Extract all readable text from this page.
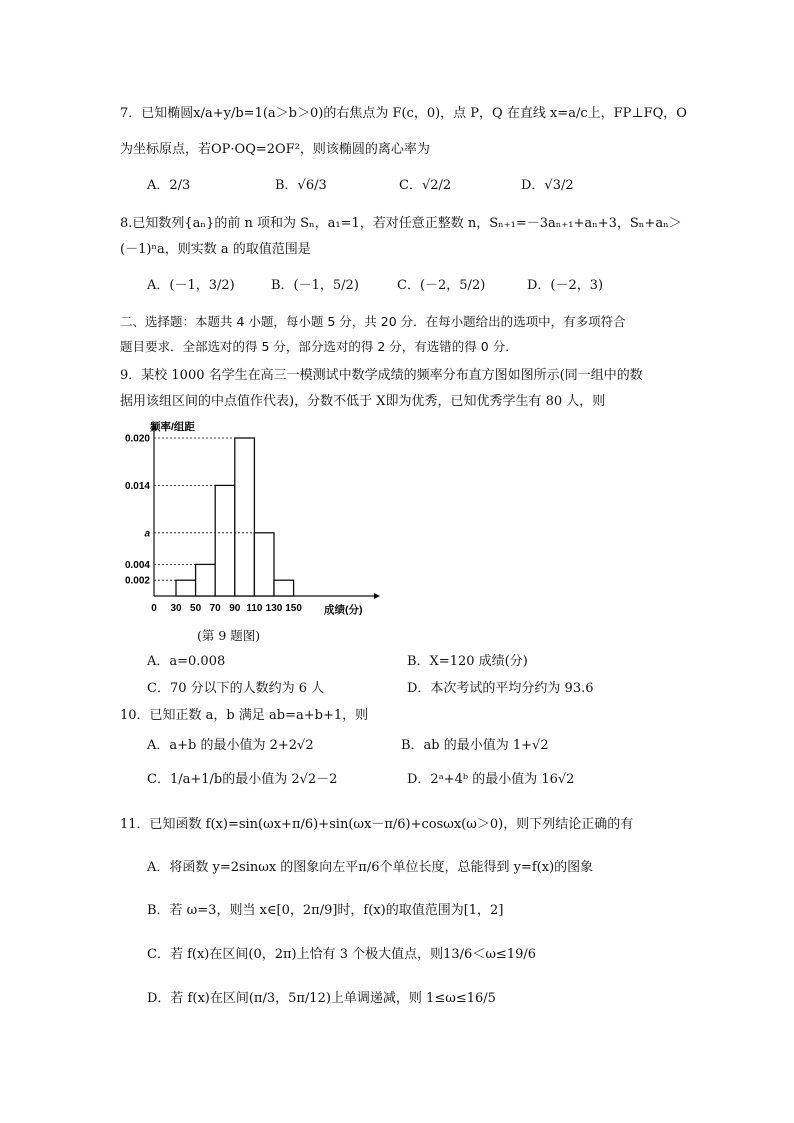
7．已知椭圆x/a+y/b=1(a＞b＞0)的右焦点为 F(c，0)，点 P，Q 在直线 x=a/c上，FP⊥FQ，O
为坐标原点，若OP·OQ=2OF²，则该椭圆的离心率为
A．2/3	B．√6/3	C．√2/2	D．√3/2
8.已知数列{aₙ}的前 n 项和为 Sₙ，a₁=1，若对任意正整数 n，Sₙ₊₁=－3aₙ₊₁+aₙ+3，Sₙ+aₙ＞
(－1)ⁿa，则实数 a 的取值范围是
A．(－1，3/2)	B．(－1，5/2)	C．(－2，5/2)	D．(－2，3)
二、选择题：本题共 4 小题，每小题 5 分，共 20 分．在每小题给出的选项中，有多项符合
题目要求．全部选对的得 5 分，部分选对的得 2 分，有选错的得 0 分．
9．某校 1000 名学生在高三一模测试中数学成绩的频率分布直方图如图所示(同一组中的数
据用该组区间的中点值作代表)，分数不低于 X即为优秀，已知优秀学生有 80 人，则
频率/组距
成绩(分)
0.020
0.014
a
0.004
0.002
0 30 50 70 90 110 130 150
(第 9 题图)
A．a=0.008	B．X=120 成绩(分)
C．70 分以下的人数约为 6 人	D．本次考试的平均分约为 93.6
10．已知正数 a，b 满足 ab=a+b+1，则
A．a+b 的最小值为 2+2√2	B．ab 的最小值为 1+√2
C．1/a+1/b的最小值为 2√2－2	D．2ᵃ+4ᵇ 的最小值为 16√2
11．已知函数 f(x)=sin(ωx+π/6)+sin(ωx－π/6)+cosωx(ω＞0)，则下列结论正确的有
A．将函数 y=2sinωx 的图象向左平π/6个单位长度，总能得到 y=f(x)的图象
B．若 ω=3，则当 x∈[0，2π/9]时，f(x)的取值范围为[1，2]
C．若 f(x)在区间(0，2π)上恰有 3 个极大值点，则13/6＜ω≤19/6
D．若 f(x)在区间(π/3，5π/12)上单调递减，则 1≤ω≤16/5
